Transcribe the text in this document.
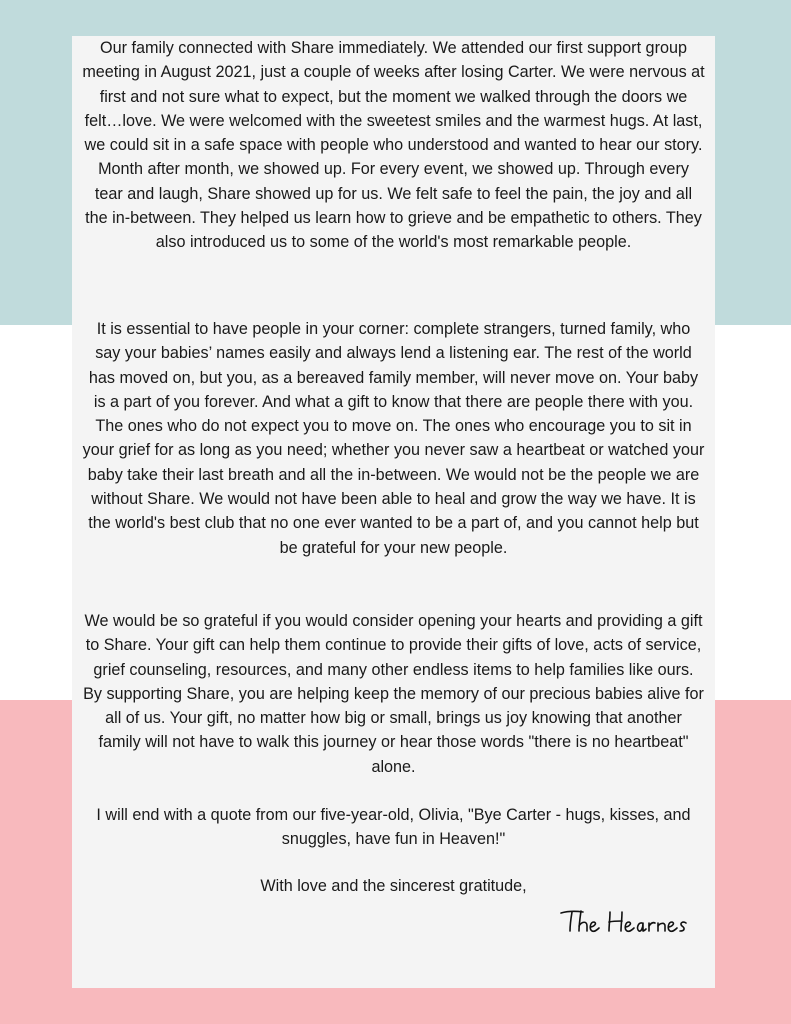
Our family connected with Share immediately. We attended our first support group meeting in August 2021, just a couple of weeks after losing Carter. We were nervous at first and not sure what to expect, but the moment we walked through the doors we felt…love. We were welcomed with the sweetest smiles and the warmest hugs. At last, we could sit in a safe space with people who understood and wanted to hear our story. Month after month, we showed up. For every event, we showed up. Through every tear and laugh, Share showed up for us. We felt safe to feel the pain, the joy and all the in-between. They helped us learn how to grieve and be empathetic to others. They also introduced us to some of the world's most remarkable people.

It is essential to have people in your corner: complete strangers, turned family, who say your babies’ names easily and always lend a listening ear. The rest of the world has moved on, but you, as a bereaved family member, will never move on. Your baby is a part of you forever. And what a gift to know that there are people there with you. The ones who do not expect you to move on. The ones who encourage you to sit in your grief for as long as you need; whether you never saw a heartbeat or watched your baby take their last breath and all the in-between. We would not be the people we are without Share. We would not have been able to heal and grow the way we have. It is the world's best club that no one ever wanted to be a part of, and you cannot help but be grateful for your new people.

We would be so grateful if you would consider opening your hearts and providing a gift to Share. Your gift can help them continue to provide their gifts of love, acts of service, grief counseling, resources, and many other endless items to help families like ours. By supporting Share, you are helping keep the memory of our precious babies alive for all of us. Your gift, no matter how big or small, brings us joy knowing that another family will not have to walk this journey or hear those words "there is no heartbeat" alone.

I will end with a quote from our five-year-old, Olivia, "Bye Carter - hugs, kisses, and snuggles, have fun in Heaven!"

With love and the sincerest gratitude,
